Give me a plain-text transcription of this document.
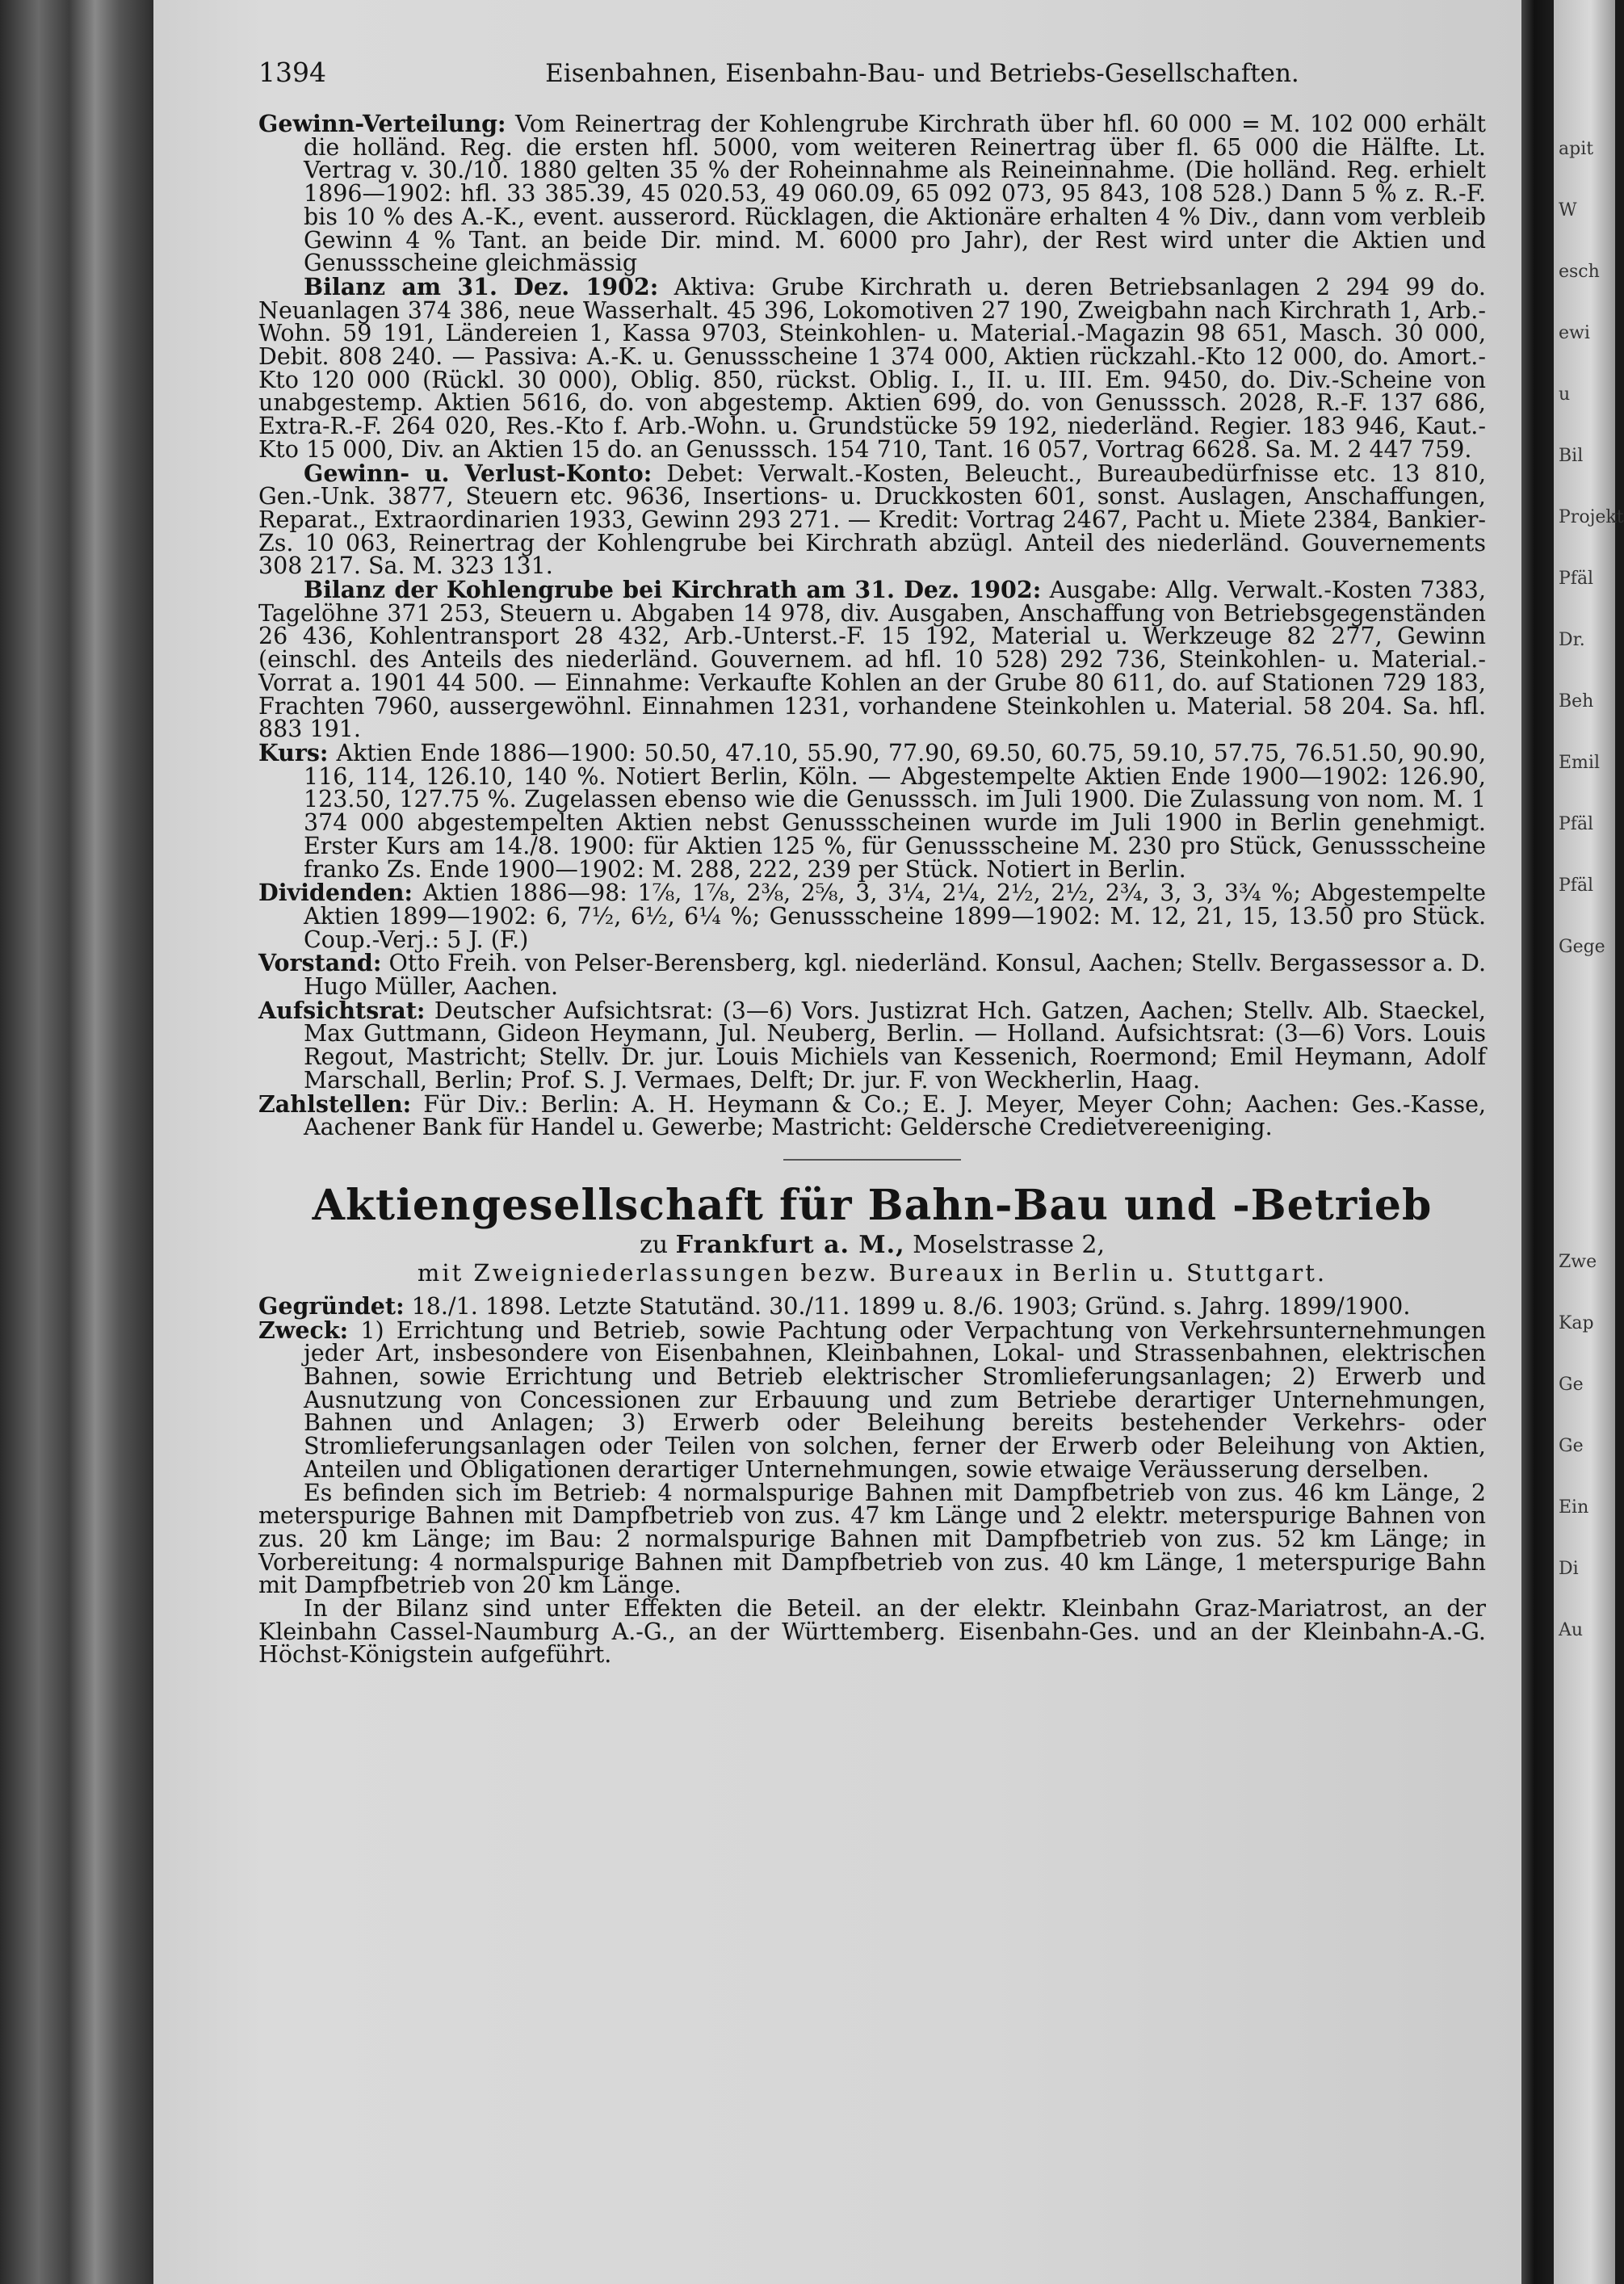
1394	Eisenbahnen, Eisenbahn-Bau- und Betriebs-Gesellschaften.

Gewinn-Verteilung: Vom Reinertrag der Kohlengrube Kirchrath über hfl. 60 000 = M. 102 000 erhält die holländ. Reg. die ersten hfl. 5000, vom weiteren Reinertrag über fl. 65 000 die Hälfte. Lt. Vertrag v. 30./10. 1880 gelten 35 % der Roheinnahme als Reineinnahme. (Die holländ. Reg. erhielt 1896—1902: hfl. 33 385.39, 45 020.53, 49 060.09, 65 092 073, 95 843, 108 528.) Dann 5 % z. R.-F. bis 10 % des A.-K., event. ausserord. Rücklagen, die Aktionäre erhalten 4 % Div., dann vom verbleib Gewinn 4 % Tant. an beide Dir. mind. M. 6000 pro Jahr), der Rest wird unter die Aktien und Genussscheine gleichmässig

Bilanz am 31. Dez. 1902: Aktiva: Grube Kirchrath u. deren Betriebsanlagen 2 294 99 do. Neuanlagen 374 386, neue Wasserhalt. 45 396, Lokomotiven 27 190, Zweigbahn nach Kirchrath 1, Arb.-Wohn. 59 191, Ländereien 1, Kassa 9703, Steinkohlen- u. Material.-Magazin 98 651, Masch. 30 000, Debit. 808 240. — Passiva: A.-K. u. Genussscheine 1 374 000, Aktien rückzahl.-Kto 12 000, do. Amort.-Kto 120 000 (Rückl. 30 000), Oblig. 850, rückst. Oblig. I., II. u. III. Em. 9450, do. Div.-Scheine von unabgestemp. Aktien 5616, do. von abgestemp. Aktien 699, do. von Genusssch. 2028, R.-F. 137 686, Extra-R.-F. 264 020, Res.-Kto f. Arb.-Wohn. u. Grundstücke 59 192, niederländ. Regier. 183 946, Kaut.-Kto 15 000, Div. an Aktien 15 do. an Genusssch. 154 710, Tant. 16 057, Vortrag 6628. Sa. M. 2 447 759.

Gewinn- u. Verlust-Konto: Debet: Verwalt.-Kosten, Beleucht., Bureaubedürfnisse etc. 13 810, Gen.-Unk. 3877, Steuern etc. 9636, Insertions- u. Druckkosten 601, sonst. Auslagen, Anschaffungen, Reparat., Extraordinarien 1933, Gewinn 293 271. — Kredit: Vortrag 2467, Pacht u. Miete 2384, Bankier-Zs. 10 063, Reinertrag der Kohlengrube bei Kirchrath abzügl. Anteil des niederländ. Gouvernements 308 217. Sa. M. 323 131.

Bilanz der Kohlengrube bei Kirchrath am 31. Dez. 1902: Ausgabe: Allg. Verwalt.-Kosten 7383, Tagelöhne 371 253, Steuern u. Abgaben 14 978, div. Ausgaben, Anschaffung von Betriebsgegenständen 26 436, Kohlentransport 28 432, Arb.-Unterst.-F. 15 192, Material u. Werkzeuge 82 277, Gewinn (einschl. des Anteils des niederländ. Gouvernem. ad hfl. 10 528) 292 736, Steinkohlen- u. Material.-Vorrat a. 1901 44 500. — Einnahme: Verkaufte Kohlen an der Grube 80 611, do. auf Stationen 729 183, Frachten 7960, aussergewöhnl. Einnahmen 1231, vorhandene Steinkohlen u. Material. 58 204. Sa. hfl. 883 191.

Kurs: Aktien Ende 1886—1900: 50.50, 47.10, 55.90, 77.90, 69.50, 60.75, 59.10, 57.75, 76.51.50, 90.90, 116, 114, 126.10, 140 %. Notiert Berlin, Köln. — Abgestempelte Aktien Ende 1900—1902: 126.90, 123.50, 127.75 %. Zugelassen ebenso wie die Genusssch. im Juli 1900. Die Zulassung von nom. M. 1 374 000 abgestempelten Aktien nebst Genussscheinen wurde im Juli 1900 in Berlin genehmigt. Erster Kurs am 14./8. 1900: für Aktien 125 %, für Genussscheine M. 230 pro Stück, Genussscheine franko Zs. Ende 1900—1902: M. 288, 222, 239 per Stück. Notiert in Berlin.

Dividenden: Aktien 1886—98: 1⅞, 1⅞, 2⅜, 2⅝, 3, 3¼, 2¼, 2½, 2½, 2¾, 3, 3, 3¾ %; Abgestempelte Aktien 1899—1902: 6, 7½, 6½, 6¼ %; Genussscheine 1899—1902: M. 12, 21, 15, 13.50 pro Stück. Coup.-Verj.: 5 J. (F.)

Vorstand: Otto Freih. von Pelser-Berensberg, kgl. niederländ. Konsul, Aachen; Stellv. Bergassessor a. D. Hugo Müller, Aachen.

Aufsichtsrat: Deutscher Aufsichtsrat: (3—6) Vors. Justizrat Hch. Gatzen, Aachen; Stellv. Alb. Staeckel, Max Guttmann, Gideon Heymann, Jul. Neuberg, Berlin. — Holland. Aufsichtsrat: (3—6) Vors. Louis Regout, Mastricht; Stellv. Dr. jur. Louis Michiels van Kessenich, Roermond; Emil Heymann, Adolf Marschall, Berlin; Prof. S. J. Vermaes, Delft; Dr. jur. F. von Weckherlin, Haag.

Zahlstellen: Für Div.: Berlin: A. H. Heymann & Co.; E. J. Meyer, Meyer Cohn; Aachen: Ges.-Kasse, Aachener Bank für Handel u. Gewerbe; Mastricht: Geldersche Credietvereeniging.

Aktiengesellschaft für Bahn-Bau und -Betrieb

zu Frankfurt a. M., Moselstrasse 2,

mit Zweigniederlassungen bezw. Bureaux in Berlin u. Stuttgart.

Gegründet: 18./1. 1898. Letzte Statutänd. 30./11. 1899 u. 8./6. 1903; Gründ. s. Jahrg. 1899/1900.

Zweck: 1) Errichtung und Betrieb, sowie Pachtung oder Verpachtung von Verkehrsunternehmungen jeder Art, insbesondere von Eisenbahnen, Kleinbahnen, Lokal- und Strassenbahnen, elektrischen Bahnen, sowie Errichtung und Betrieb elektrischer Stromlieferungsanlagen; 2) Erwerb und Ausnutzung von Concessionen zur Erbauung und zum Betriebe derartiger Unternehmungen, Bahnen und Anlagen; 3) Erwerb oder Beleihung bereits bestehender Verkehrs- oder Stromlieferungsanlagen oder Teilen von solchen, ferner der Erwerb oder Beleihung von Aktien, Anteilen und Obligationen derartiger Unternehmungen, sowie etwaige Veräusserung derselben.

Es befinden sich im Betrieb: 4 normalspurige Bahnen mit Dampfbetrieb von zus. 46 km Länge, 2 meterspurige Bahnen mit Dampfbetrieb von zus. 47 km Länge und 2 elektr. meterspurige Bahnen von zus. 20 km Länge; im Bau: 2 normalspurige Bahnen mit Dampfbetrieb von zus. 52 km Länge; in Vorbereitung: 4 normalspurige Bahnen mit Dampfbetrieb von zus. 40 km Länge, 1 meterspurige Bahn mit Dampfbetrieb von 20 km Länge.

In der Bilanz sind unter Effekten die Beteil. an der elektr. Kleinbahn Graz-Mariatrost, an der Kleinbahn Cassel-Naumburg A.-G., an der Württemberg. Eisenbahn-Ges. und an der Kleinbahn-A.-G. Höchst-Königstein aufgeführt.

apit
W
esch
ewi
u
Bil
Projekt
Pfäl
Dr.
Beh
Emil
Pfäl
Pfäl
Gege
Zwe
Kap
Ge
Ge
Ein
Di
Au
